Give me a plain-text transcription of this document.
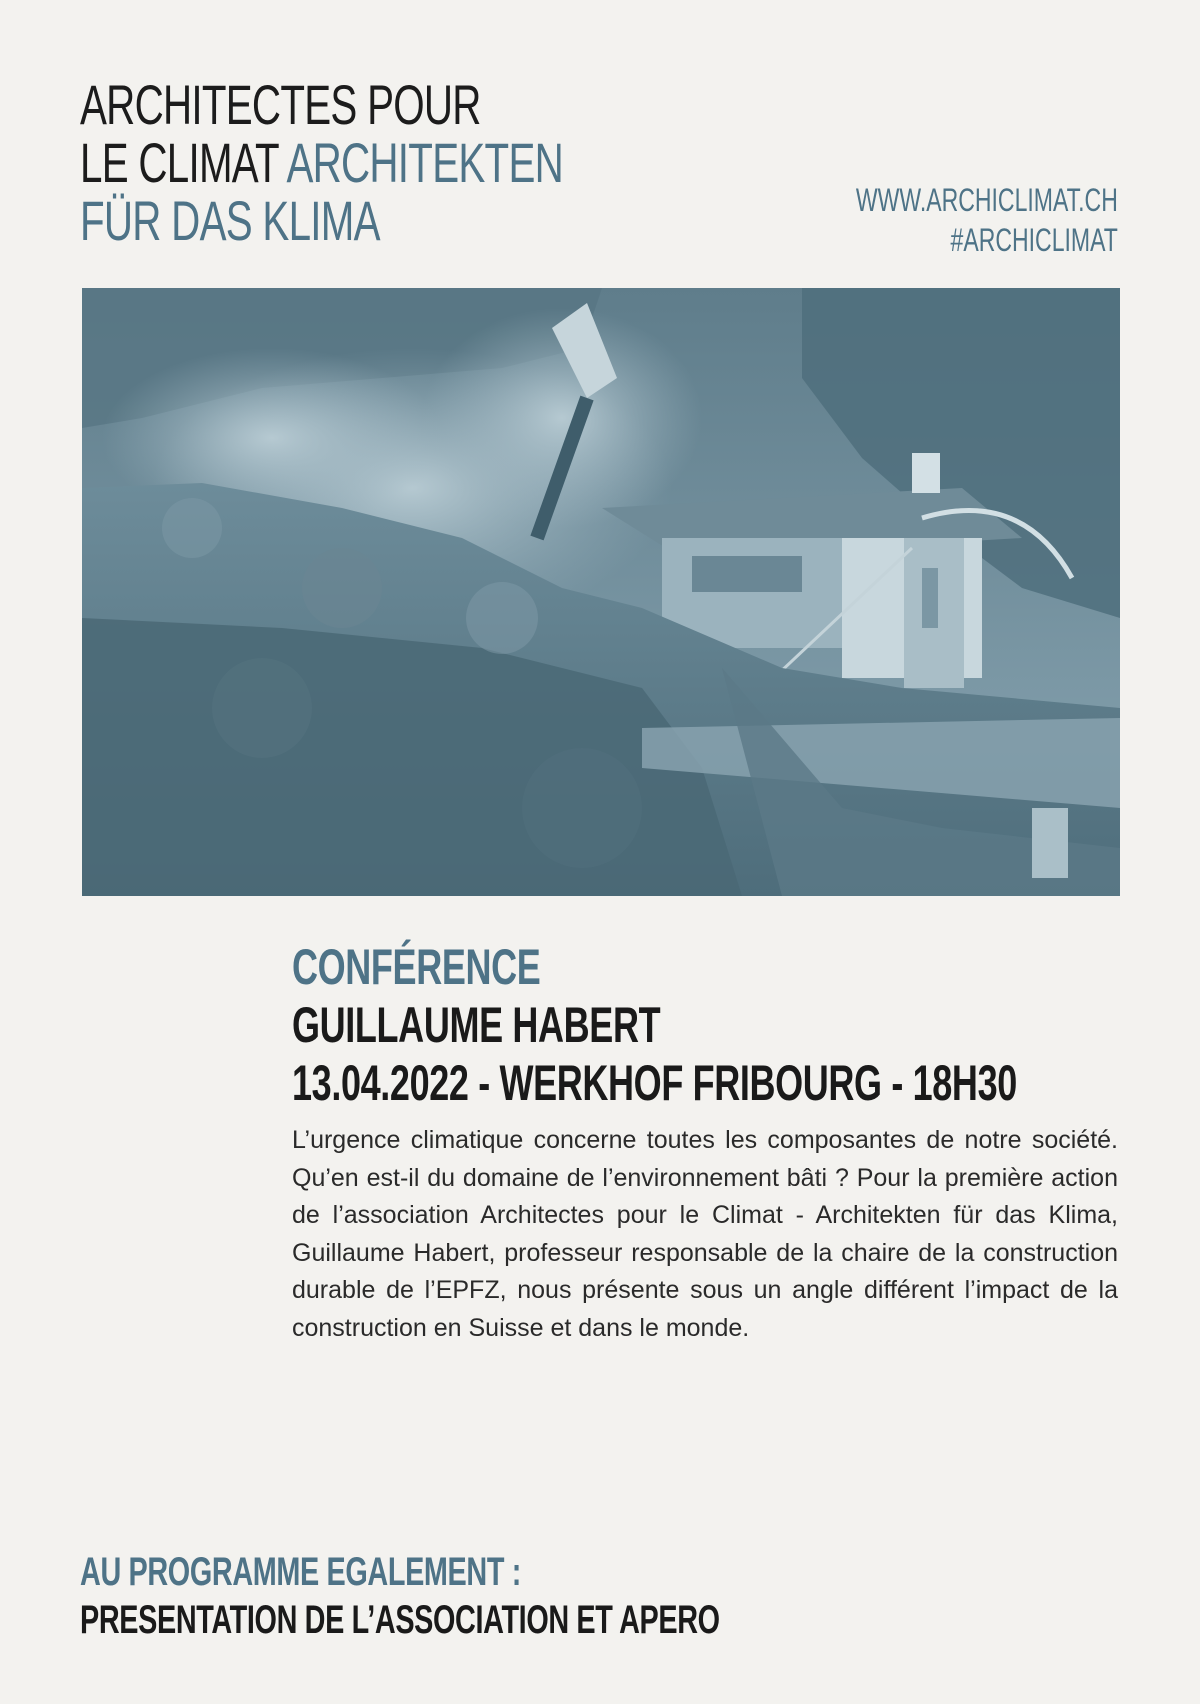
ARCHITECTES POUR
LE CLIMAT ARCHITEKTEN
FÜR DAS KLIMA	WWW.ARCHICLIMAT.CH
#ARCHICLIMAT
CONFÉRENCE
GUILLAUME HABERT
13.04.2022 - WERKHOF FRIBOURG - 18H30

L’urgence climatique concerne toutes les composantes de notre société. Qu’en est-il du domaine de l’environnement bâti ? Pour la première action de l’association Architectes pour le Climat - Architekten für das Klima, Guillaume Habert, professeur responsable de la chaire de la construction durable de l’EPFZ, nous présente sous un angle différent l’impact de la construction en Suisse et dans le monde.

AU PROGRAMME EGALEMENT :
PRESENTATION DE L’ASSOCIATION ET APERO
